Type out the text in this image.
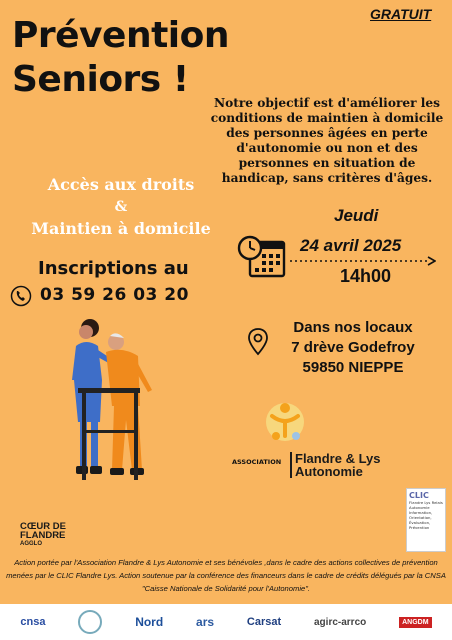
GRATUIT
Prévention
Seniors !
Notre objectif est d'améliorer les conditions de maintien à domicile des personnes âgées en perte d'autonomie ou non et des personnes en situation de handicap, sans critères d'âges.
Accès aux droits
&
Maintien à domicile
Jeudi
24 avril 2025
14h00
Inscriptions au
03 59 26 03 20
Dans nos locaux
7 drève Godefroy
59850 NIEPPE
ASSOCIATION Flandre & Lys
Autonomie
CLIC
Flandre Lys Relais Autonomie
Information, Orientation, Évaluation, Prévention
CŒUR DE
FLANDRE
AGGLO
Action portée par l'Association Flandre & Lys Autonomie et ses bénévoles ,dans le cadre des actions collectives de prévention menées par le CLIC Flandre Lys. Action soutenue par la conférence des financeurs dans le cadre de crédits délégués par la CNSA "Caisse Nationale de Solidarité pour l'Autonomie".
cnsa	Nord	ars	Carsat	agirc-arrco	ANGDM
